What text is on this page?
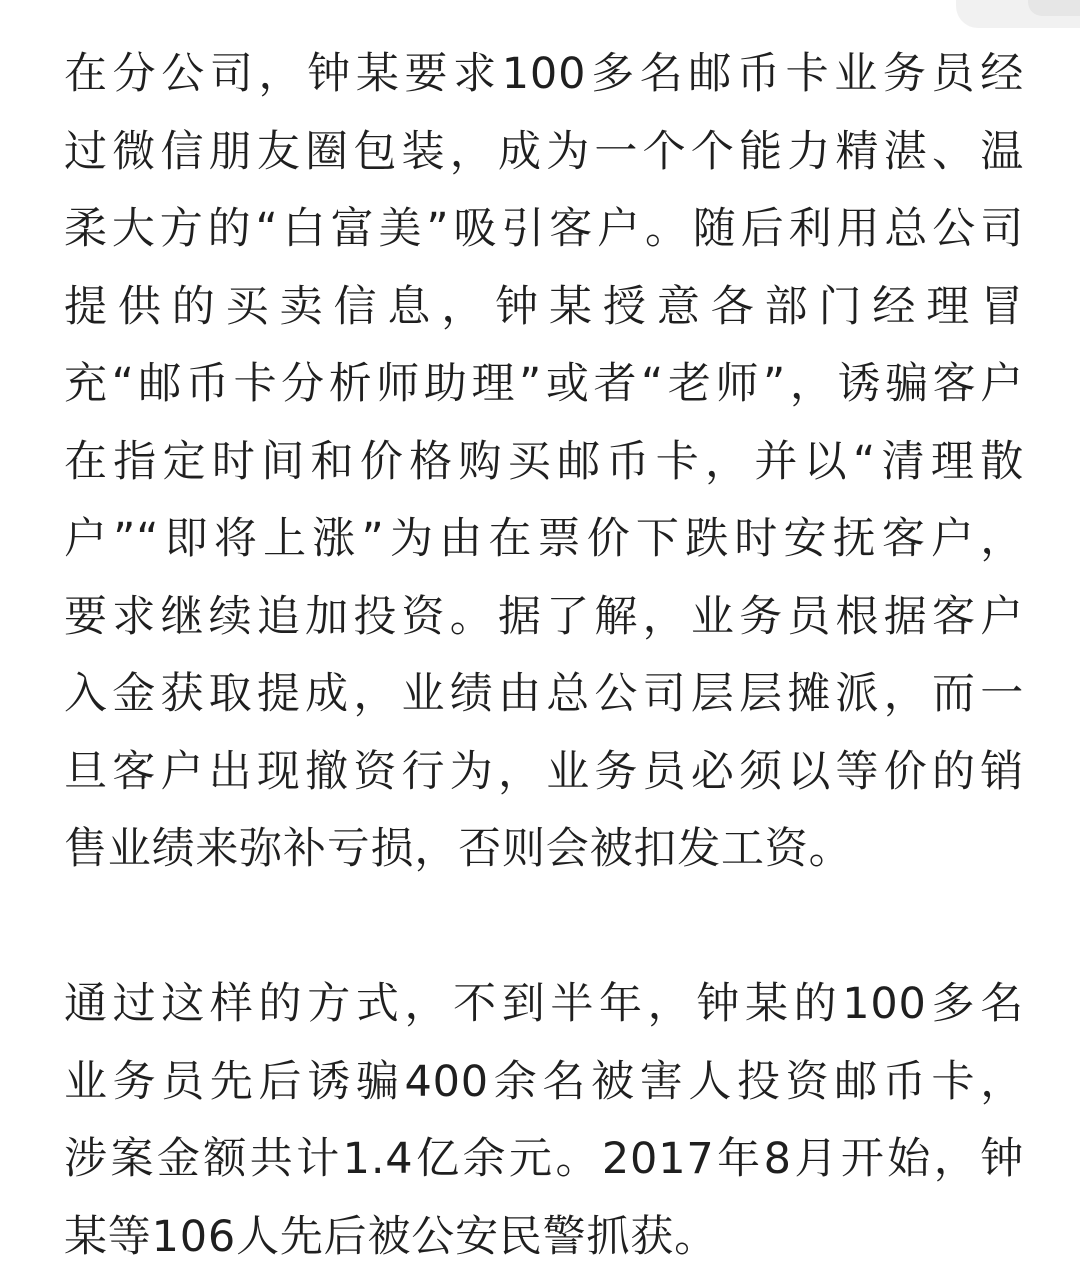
在分公司，钟某要求100多名邮币卡业务员经
过微信朋友圈包装，成为一个个能力精湛、温
柔大方的“白富美”吸引客户。随后利用总公司
提供的买卖信息，钟某授意各部门经理冒
充“邮币卡分析师助理”或者“老师”，诱骗客户
在指定时间和价格购买邮币卡，并以“清理散
户”“即将上涨”为由在票价下跌时安抚客户，
要求继续追加投资。据了解，业务员根据客户
入金获取提成，业绩由总公司层层摊派，而一
旦客户出现撤资行为，业务员必须以等价的销
售业绩来弥补亏损，否则会被扣发工资。
通过这样的方式，不到半年，钟某的100多名
业务员先后诱骗400余名被害人投资邮币卡，
涉案金额共计1.4亿余元。2017年8月开始，钟
某等106人先后被公安民警抓获。
